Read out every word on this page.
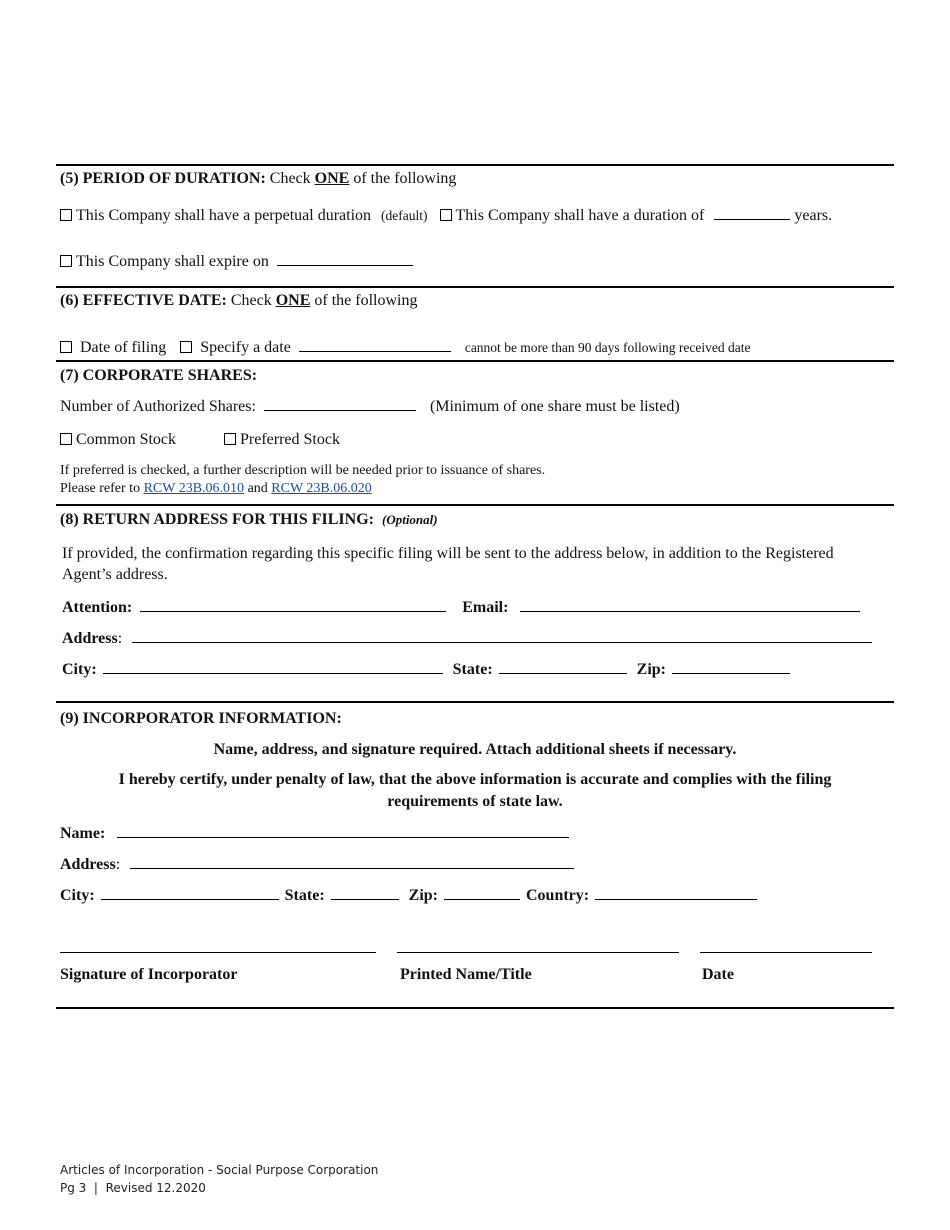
(5) PERIOD OF DURATION: Check ONE of the following
This Company shall have a perpetual duration (default) This Company shall have a duration of	years.
This Company shall expire on
(6) EFFECTIVE DATE: Check ONE of the following
Date of filing Specify a date	cannot be more than 90 days following received date
(7) CORPORATE SHARES:
Number of Authorized Shares:	(Minimum of one share must be listed)
Common Stock	Preferred Stock
If preferred is checked, a further description will be needed prior to issuance of shares.
Please refer to RCW 23B.06.010 and RCW 23B.06.020
(8) RETURN ADDRESS FOR THIS FILING: (Optional)
If provided, the confirmation regarding this specific filing will be sent to the address below, in addition to the Registered
Agent’s address.
Attention:	Email:
Address:
City:	State:	Zip:
(9) INCORPORATOR INFORMATION:
Name, address, and signature required. Attach additional sheets if necessary.
I hereby certify, under penalty of law, that the above information is accurate and complies with the filing
requirements of state law.
Name:
Address:
City:	State:	Zip:	Country:
Signature of Incorporator	Printed Name/Title	Date
Articles of Incorporation - Social Purpose Corporation
Pg 3  |  Revised 12.2020
